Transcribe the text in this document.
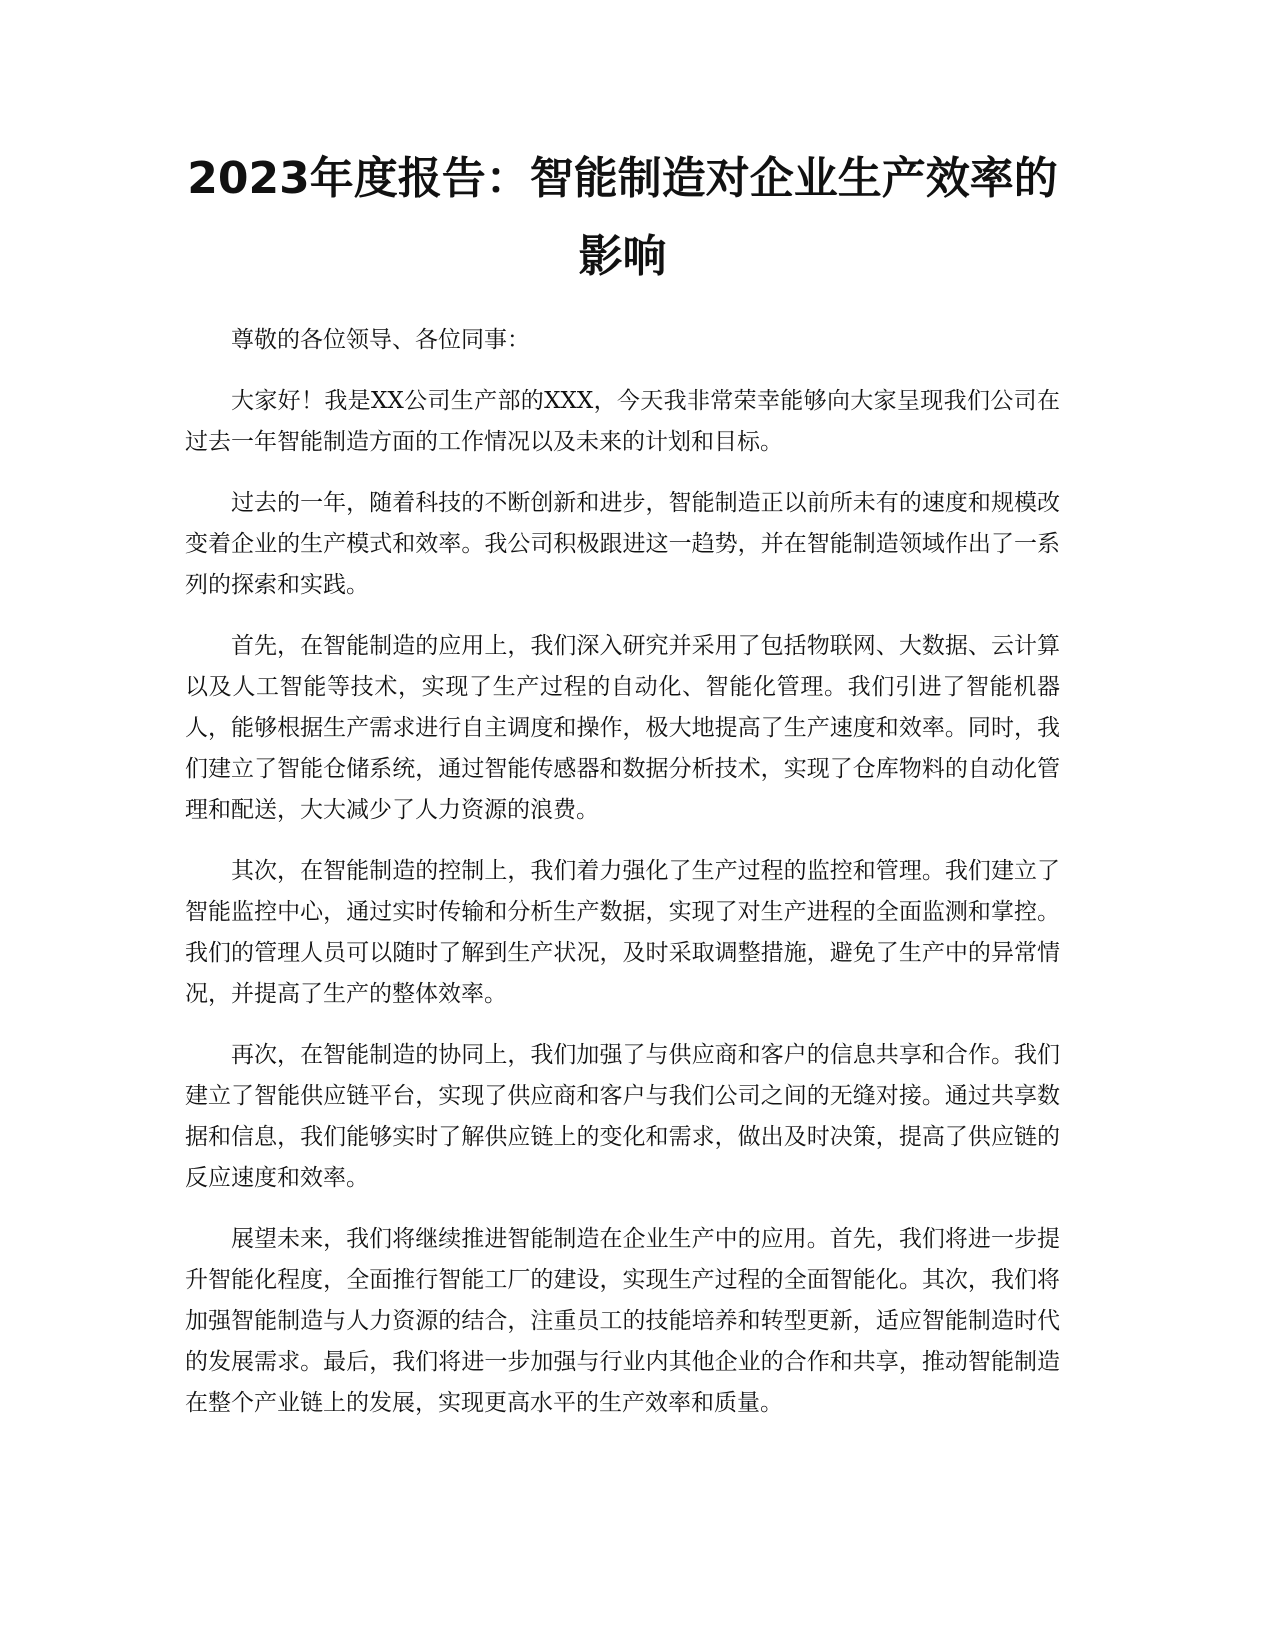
2023年度报告：智能制造对企业生产效率的
影响

尊敬的各位领导、各位同事：

大家好！我是XX公司生产部的XXX，今天我非常荣幸能够向大家呈现我们公司在过去一年智能制造方面的工作情况以及未来的计划和目标。

过去的一年，随着科技的不断创新和进步，智能制造正以前所未有的速度和规模改变着企业的生产模式和效率。我公司积极跟进这一趋势，并在智能制造领域作出了一系列的探索和实践。

首先，在智能制造的应用上，我们深入研究并采用了包括物联网、大数据、云计算以及人工智能等技术，实现了生产过程的自动化、智能化管理。我们引进了智能机器人，能够根据生产需求进行自主调度和操作，极大地提高了生产速度和效率。同时，我们建立了智能仓储系统，通过智能传感器和数据分析技术，实现了仓库物料的自动化管理和配送，大大减少了人力资源的浪费。

其次，在智能制造的控制上，我们着力强化了生产过程的监控和管理。我们建立了智能监控中心，通过实时传输和分析生产数据，实现了对生产进程的全面监测和掌控。我们的管理人员可以随时了解到生产状况，及时采取调整措施，避免了生产中的异常情况，并提高了生产的整体效率。

再次，在智能制造的协同上，我们加强了与供应商和客户的信息共享和合作。我们建立了智能供应链平台，实现了供应商和客户与我们公司之间的无缝对接。通过共享数据和信息，我们能够实时了解供应链上的变化和需求，做出及时决策，提高了供应链的反应速度和效率。

展望未来，我们将继续推进智能制造在企业生产中的应用。首先，我们将进一步提升智能化程度，全面推行智能工厂的建设，实现生产过程的全面智能化。其次，我们将加强智能制造与人力资源的结合，注重员工的技能培养和转型更新，适应智能制造时代的发展需求。最后，我们将进一步加强与行业内其他企业的合作和共享，推动智能制造在整个产业链上的发展，实现更高水平的生产效率和质量。
